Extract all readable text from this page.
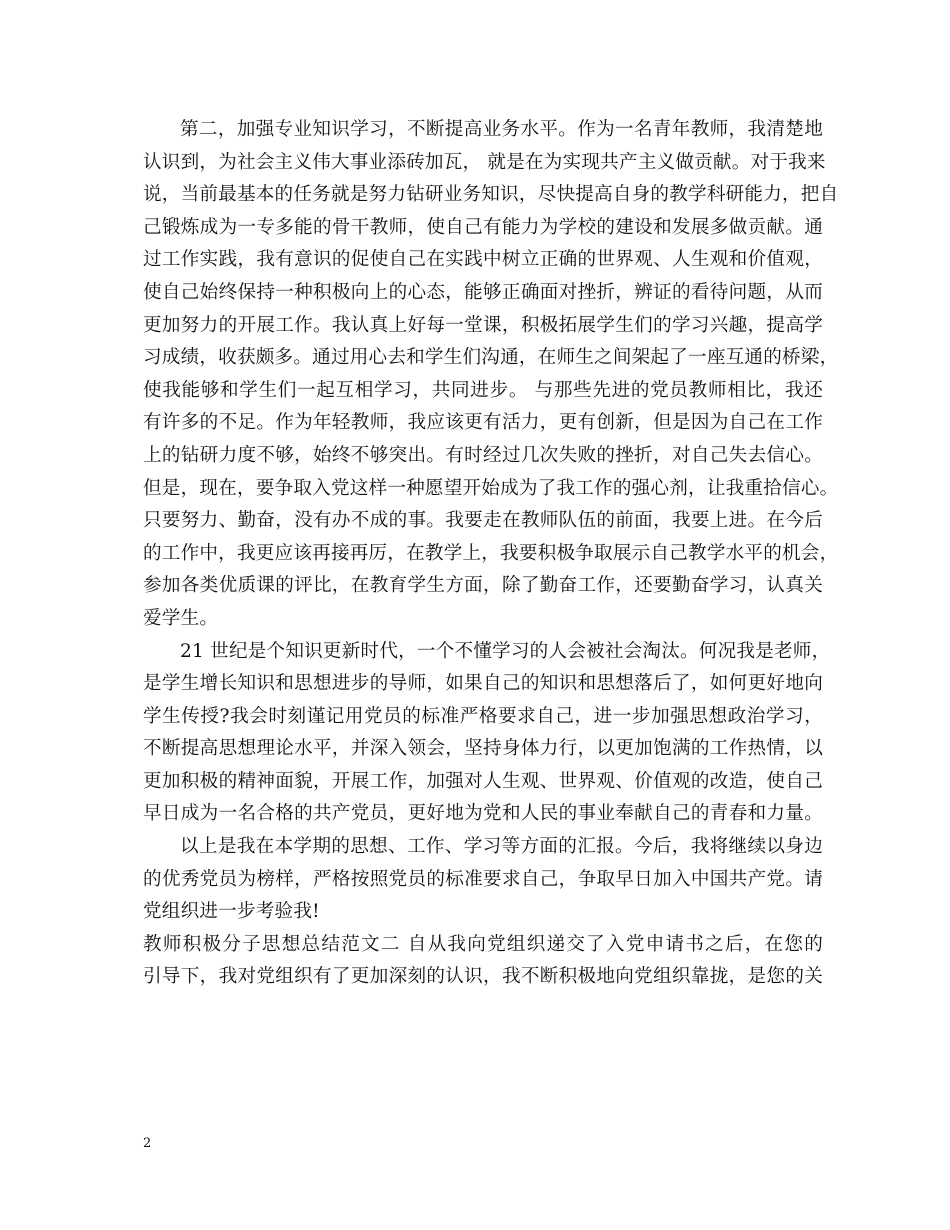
第二，加强专业知识学习，不断提高业务水平。作为一名青年教师，我清楚地
认识到，为社会主义伟大事业添砖加瓦， 就是在为实现共产主义做贡献。对于我来
说，当前最基本的任务就是努力钻研业务知识，尽快提高自身的教学科研能力，把自
己锻炼成为一专多能的骨干教师，使自己有能力为学校的建设和发展多做贡献。通
过工作实践，我有意识的促使自己在实践中树立正确的世界观、人生观和价值观，
使自己始终保持一种积极向上的心态，能够正确面对挫折，辨证的看待问题，从而
更加努力的开展工作。我认真上好每一堂课，积极拓展学生们的学习兴趣，提高学
习成绩，收获颇多。通过用心去和学生们沟通，在师生之间架起了一座互通的桥梁，
使我能够和学生们一起互相学习，共同进步。 与那些先进的党员教师相比，我还
有许多的不足。作为年轻教师，我应该更有活力，更有创新，但是因为自己在工作
上的钻研力度不够，始终不够突出。有时经过几次失败的挫折，对自己失去信心。
但是，现在，要争取入党这样一种愿望开始成为了我工作的强心剂，让我重拾信心。
只要努力、勤奋，没有办不成的事。我要走在教师队伍的前面，我要上进。在今后
的工作中，我更应该再接再厉，在教学上，我要积极争取展示自己教学水平的机会，
参加各类优质课的评比，在教育学生方面，除了勤奋工作，还要勤奋学习，认真关
爱学生。
21 世纪是个知识更新时代，一个不懂学习的人会被社会淘汰。何况我是老师，
是学生增长知识和思想进步的导师，如果自己的知识和思想落后了，如何更好地向
学生传授?我会时刻谨记用党员的标准严格要求自己，进一步加强思想政治学习，
不断提高思想理论水平，并深入领会，坚持身体力行，以更加饱满的工作热情，以
更加积极的精神面貌，开展工作，加强对人生观、世界观、价值观的改造，使自己
早日成为一名合格的共产党员，更好地为党和人民的事业奉献自己的青春和力量。
以上是我在本学期的思想、工作、学习等方面的汇报。今后，我将继续以身边
的优秀党员为榜样，严格按照党员的标准要求自己，争取早日加入中国共产党。请
党组织进一步考验我!
教师积极分子思想总结范文二 自从我向党组织递交了入党申请书之后，在您的
引导下，我对党组织有了更加深刻的认识，我不断积极地向党组织靠拢，是您的关
2
